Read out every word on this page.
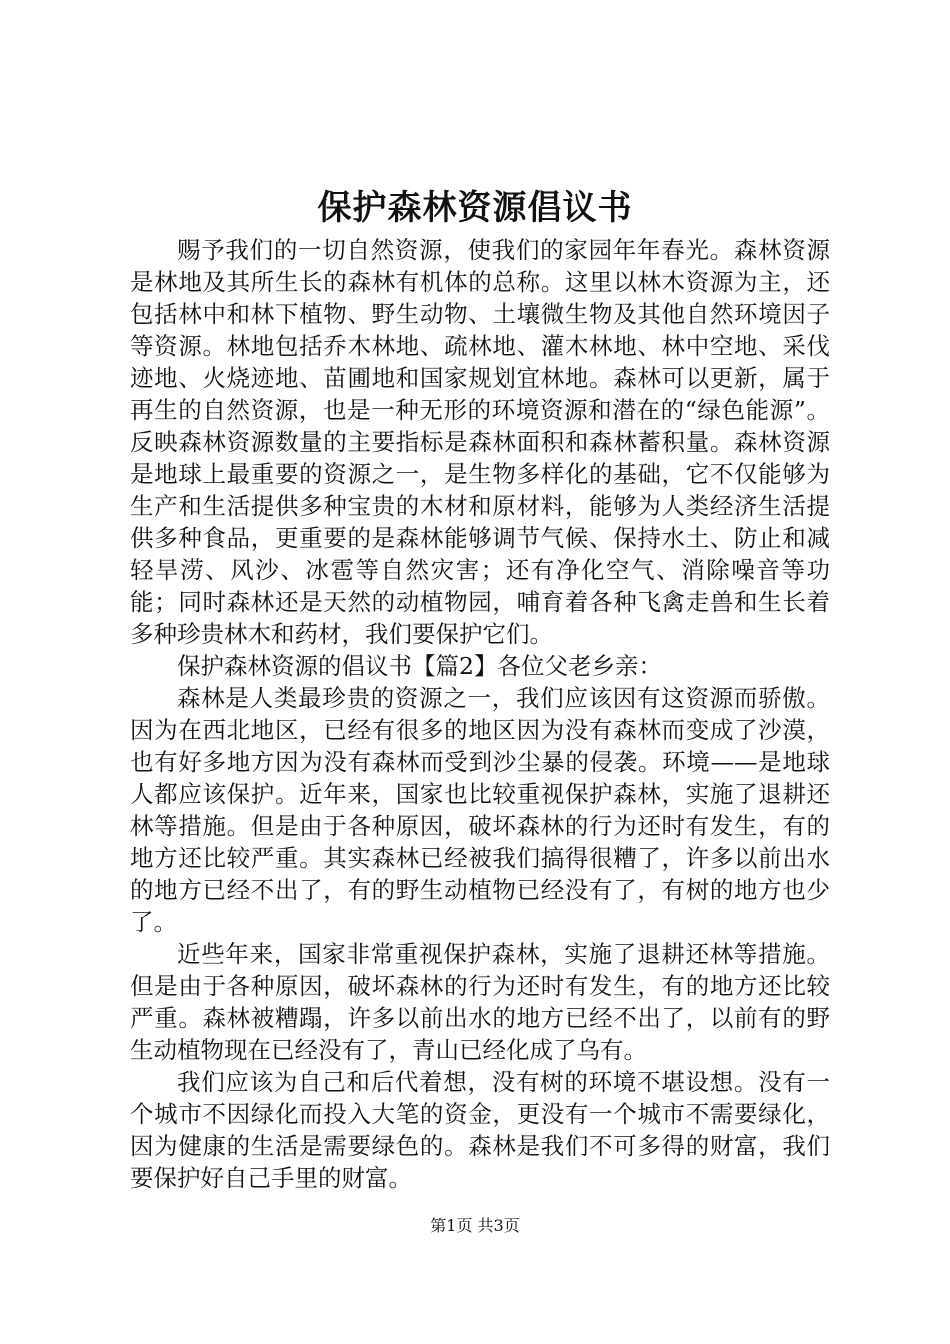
保护森林资源倡议书

赐予我们的一切自然资源，使我们的家园年年春光。森林资源是林地及其所生长的森林有机体的总称。这里以林木资源为主，还包括林中和林下植物、野生动物、土壤微生物及其他自然环境因子等资源。林地包括乔木林地、疏林地、灌木林地、林中空地、采伐迹地、火烧迹地、苗圃地和国家规划宜林地。森林可以更新，属于再生的自然资源，也是一种无形的环境资源和潜在的“绿色能源”。反映森林资源数量的主要指标是森林面积和森林蓄积量。森林资源是地球上最重要的资源之一，是生物多样化的基础，它不仅能够为生产和生活提供多种宝贵的木材和原材料，能够为人类经济生活提供多种食品，更重要的是森林能够调节气候、保持水土、防止和减轻旱涝、风沙、冰雹等自然灾害；还有净化空气、消除噪音等功能；同时森林还是天然的动植物园，哺育着各种飞禽走兽和生长着多种珍贵林木和药材，我们要保护它们。

保护森林资源的倡议书【篇2】各位父老乡亲：

森林是人类最珍贵的资源之一，我们应该因有这资源而骄傲。因为在西北地区，已经有很多的地区因为没有森林而变成了沙漠，也有好多地方因为没有森林而受到沙尘暴的侵袭。环境——是地球人都应该保护。近年来，国家也比较重视保护森林，实施了退耕还林等措施。但是由于各种原因，破坏森林的行为还时有发生，有的地方还比较严重。其实森林已经被我们搞得很糟了，许多以前出水的地方已经不出了，有的野生动植物已经没有了，有树的地方也少了。

近些年来，国家非常重视保护森林，实施了退耕还林等措施。但是由于各种原因，破坏森林的行为还时有发生，有的地方还比较严重。森林被糟蹋，许多以前出水的地方已经不出了，以前有的野生动植物现在已经没有了，青山已经化成了乌有。

我们应该为自己和后代着想，没有树的环境不堪设想。没有一个城市不因绿化而投入大笔的资金，更没有一个城市不需要绿化，因为健康的生活是需要绿色的。森林是我们不可多得的财富，我们要保护好自己手里的财富。

第1页 共3页
